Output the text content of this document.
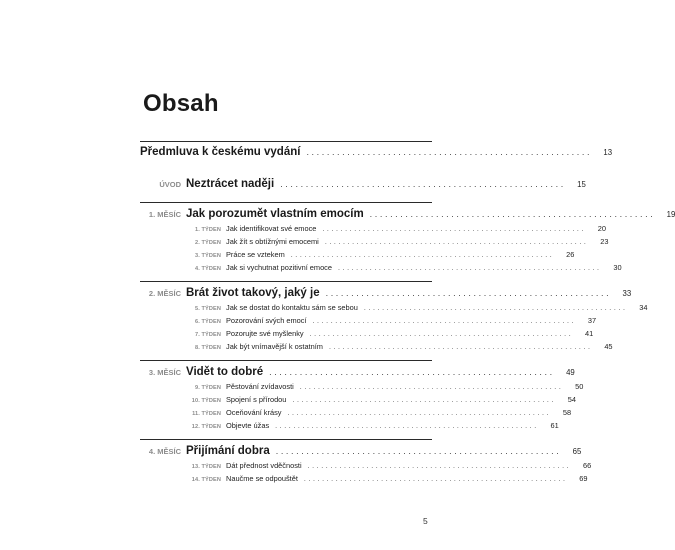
Obsah
Předmluva k českému vydání ........................................................	13
ÚVOD Neztrácet naději ........................................................	15
1. MĚSÍC Jak porozumět vlastním emocím ........................................................	19
1. TÝDEN Jak identifikovat své emoce ..........................................................	20
2. TÝDEN Jak žít s obtížnými emocemi ..........................................................	23
3. TÝDEN Práce se vztekem ..........................................................	26
4. TÝDEN Jak si vychutnat pozitivní emoce ..........................................................	30
2. MĚSÍC Brát život takový, jaký je ........................................................	33
5. TÝDEN Jak se dostat do kontaktu sám se sebou ..........................................................	34
6. TÝDEN Pozorování svých emocí ..........................................................	37
7. TÝDEN Pozorujte své myšlenky ..........................................................	41
8. TÝDEN Jak být vnímavější k ostatním ..........................................................	45
3. MĚSÍC Vidět to dobré ........................................................	49
9. TÝDEN Pěstování zvídavosti ..........................................................	50
10. TÝDEN Spojení s přírodou ..........................................................	54
11. TÝDEN Oceňování krásy ..........................................................	58
12. TÝDEN Objevte úžas ..........................................................	61
4. MĚSÍC Přijímání dobra ........................................................	65
13. TÝDEN Dát přednost vděčnosti ..........................................................	66
14. TÝDEN Naučme se odpouštět ..........................................................	69
5
